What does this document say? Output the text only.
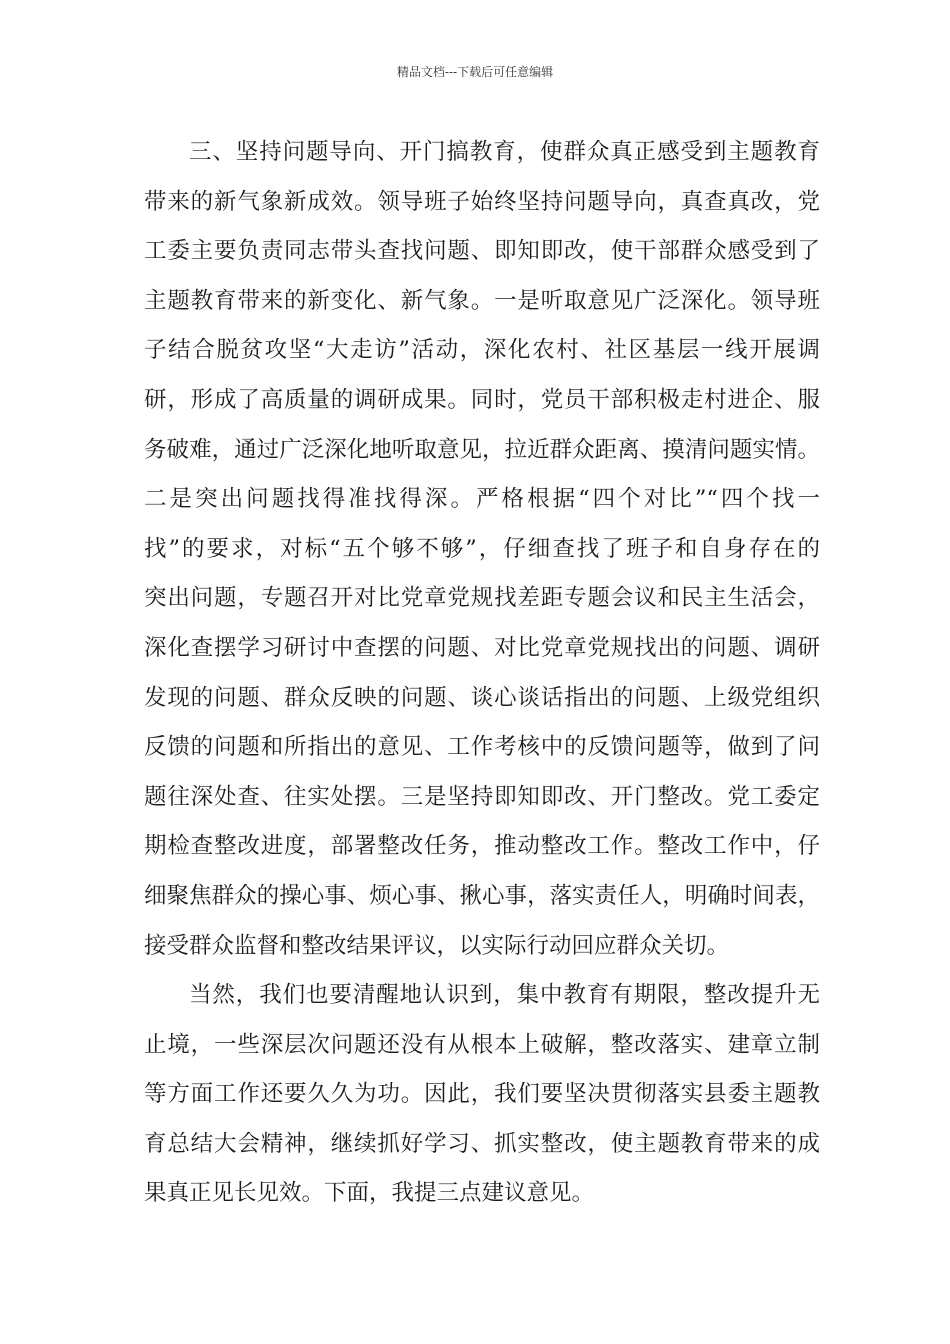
精品文档---下载后可任意编辑
三、坚持问题导向、开门搞教育，使群众真正感受到主题教育
带来的新气象新成效。领导班子始终坚持问题导向，真查真改，党
工委主要负责同志带头查找问题、即知即改，使干部群众感受到了
主题教育带来的新变化、新气象。一是听取意见广泛深化。领导班
子结合脱贫攻坚“大走访”活动，深化农村、社区基层一线开展调
研，形成了高质量的调研成果。同时，党员干部积极走村进企、服
务破难，通过广泛深化地听取意见，拉近群众距离、摸清问题实情。
二是突出问题找得准找得深。严格根据“四个对比”“四个找一
找”的要求，对标“五个够不够”，仔细查找了班子和自身存在的
突出问题，专题召开对比党章党规找差距专题会议和民主生活会，
深化查摆学习研讨中查摆的问题、对比党章党规找出的问题、调研
发现的问题、群众反映的问题、谈心谈话指出的问题、上级党组织
反馈的问题和所指出的意见、工作考核中的反馈问题等，做到了问
题往深处查、往实处摆。三是坚持即知即改、开门整改。党工委定
期检查整改进度，部署整改任务，推动整改工作。整改工作中，仔
细聚焦群众的操心事、烦心事、揪心事，落实责任人，明确时间表，
接受群众监督和整改结果评议，以实际行动回应群众关切。
当然，我们也要清醒地认识到，集中教育有期限，整改提升无
止境，一些深层次问题还没有从根本上破解，整改落实、建章立制
等方面工作还要久久为功。因此，我们要坚决贯彻落实县委主题教
育总结大会精神，继续抓好学习、抓实整改，使主题教育带来的成
果真正见长见效。下面，我提三点建议意见。
